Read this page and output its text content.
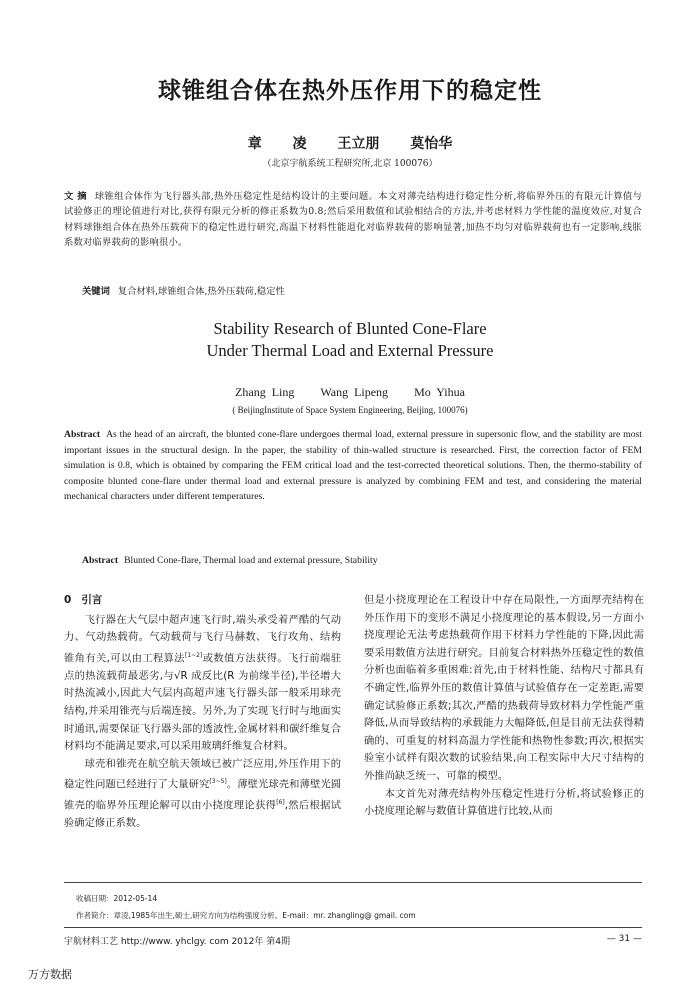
球锥组合体在热外压作用下的稳定性
章 凌 王立朋 莫怡华
（北京宇航系统工程研究所,北京 100076）
文 摘 球锥组合体作为飞行器头部,热外压稳定性是结构设计的主要问题。本文对薄壳结构进行稳定性分析,将临界外压的有限元计算值与试验修正的理论值进行对比,获得有限元分析的修正系数为0.8;然后采用数值和试验相结合的方法,并考虑材料力学性能的温度效应,对复合材料球锥组合体在热外压载荷下的稳定性进行研究,高温下材料性能退化对临界载荷的影响显著,加热不均匀对临界载荷也有一定影响,线胀系数对临界载荷的影响很小。
关键词 复合材料,球锥组合体,热外压载荷,稳定性
Stability Research of Blunted Cone-Flare
Under Thermal Load and External Pressure
Zhang Ling Wang Lipeng Mo Yihua
( BeijingInstitute of Space System Engineering, Beijing, 100076)
Abstract As the head of an aircraft, the blunted cone-flare undergoes thermal load, external pressure in supersonic flow, and the stability are most important issues in the structural design. In the paper, the stability of thin-walled structure is researched. First, the correction factor of FEM simulation is 0.8, which is obtained by comparing the FEM critical load and the test-corrected theoretical solutions. Then, the thermo-stability of composite blunted cone-flare under thermal load and external pressure is analyzed by combining FEM and test, and considering the material mechanical characters under different temperatures.
Abstract Blunted Cone-flare, Thermal load and external pressure, Stability
0 引言

飞行器在大气层中超声速飞行时,端头承受着严酷的气动力、气动热载荷。气动载荷与飞行马赫数、飞行攻角、结构锥角有关,可以由工程算法[1~2]或数值方法获得。飞行前端驻点的热流载荷最恶劣,与√R 成反比(R 为前缘半径),半径增大时热流减小,因此大气层内高超声速飞行器头部一般采用球壳结构,并采用锥壳与后端连接。另外,为了实现飞行时与地面实时通讯,需要保证飞行器头部的透波性,金属材料和碳纤维复合材料均不能满足要求,可以采用玻璃纤维复合材料。

球壳和锥壳在航空航天领域已被广泛应用,外压作用下的稳定性问题已经进行了大量研究[3~5]。薄壁光球壳和薄壁光圆锥壳的临界外压理论解可以由小挠度理论获得[6],然后根据试验确定修正系数。

但是小挠度理论在工程设计中存在局限性,一方面厚壳结构在外压作用下的变形不满足小挠度理论的基本假设,另一方面小挠度理论无法考虑热载荷作用下材料力学性能的下降,因此需要采用数值方法进行研究。目前复合材料热外压稳定性的数值分析也面临着多重困难:首先,由于材料性能、结构尺寸都具有不确定性,临界外压的数值计算值与试验值存在一定差距,需要确定试验修正系数;其次,严酷的热载荷导致材料力学性能严重降低,从而导致结构的承载能力大幅降低,但是目前无法获得精确的、可重复的材料高温力学性能和热物性参数;再次,根据实验室小试样有限次数的试验结果,向工程实际中大尺寸结构的外推尚缺乏统一、可靠的模型。

本文首先对薄壳结构外压稳定性进行分析,将试验修正的小挠度理论解与数值计算值进行比较,从而

收稿日期：2012-05-14
作者简介：章凌,1985年出生,硕士,研究方向为结构强度分析。E-mail：mr. zhangling@ gmail. com
宇航材料工艺 http://www. yhclgy. com 2012年 第4期	— 31 —
万方数据
